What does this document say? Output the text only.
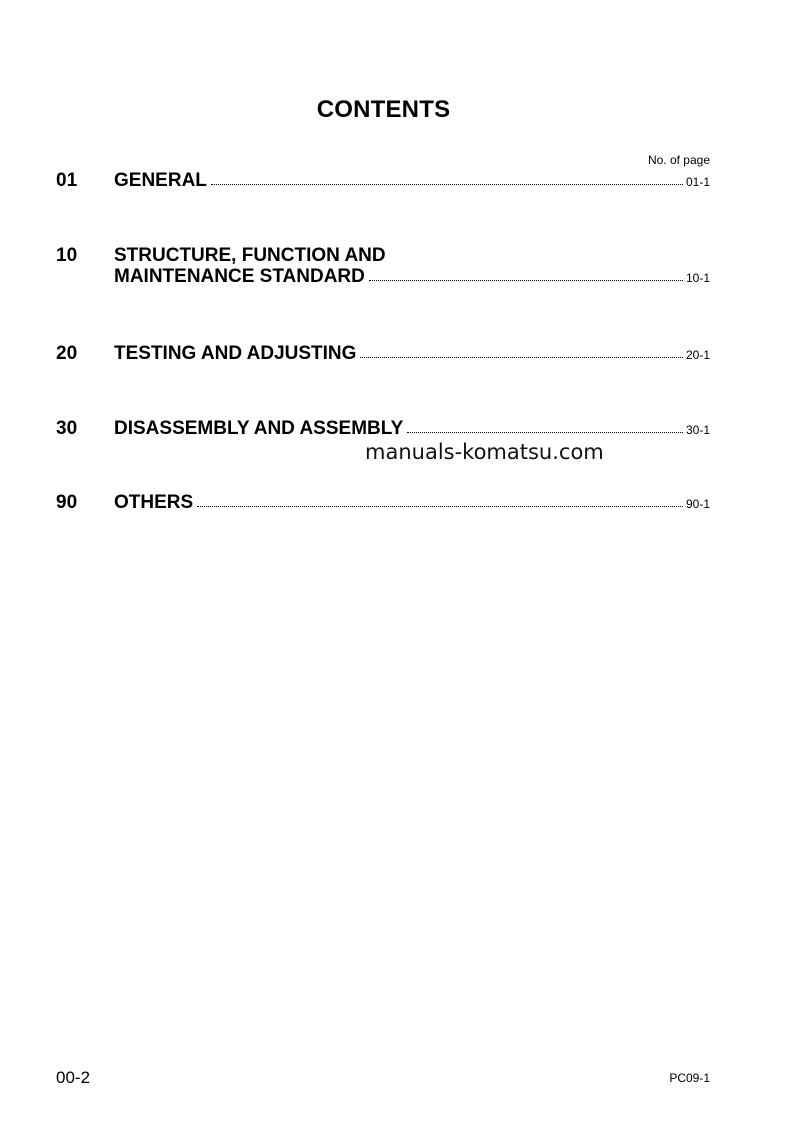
CONTENTS
No. of page
01 GENERAL	01-1
10 STRUCTURE, FUNCTION AND
MAINTENANCE STANDARD	10-1
20 TESTING AND ADJUSTING	20-1
30 DISASSEMBLY AND ASSEMBLY	30-1
manuals-komatsu.com
90 OTHERS	90-1
00-2	PC09-1
